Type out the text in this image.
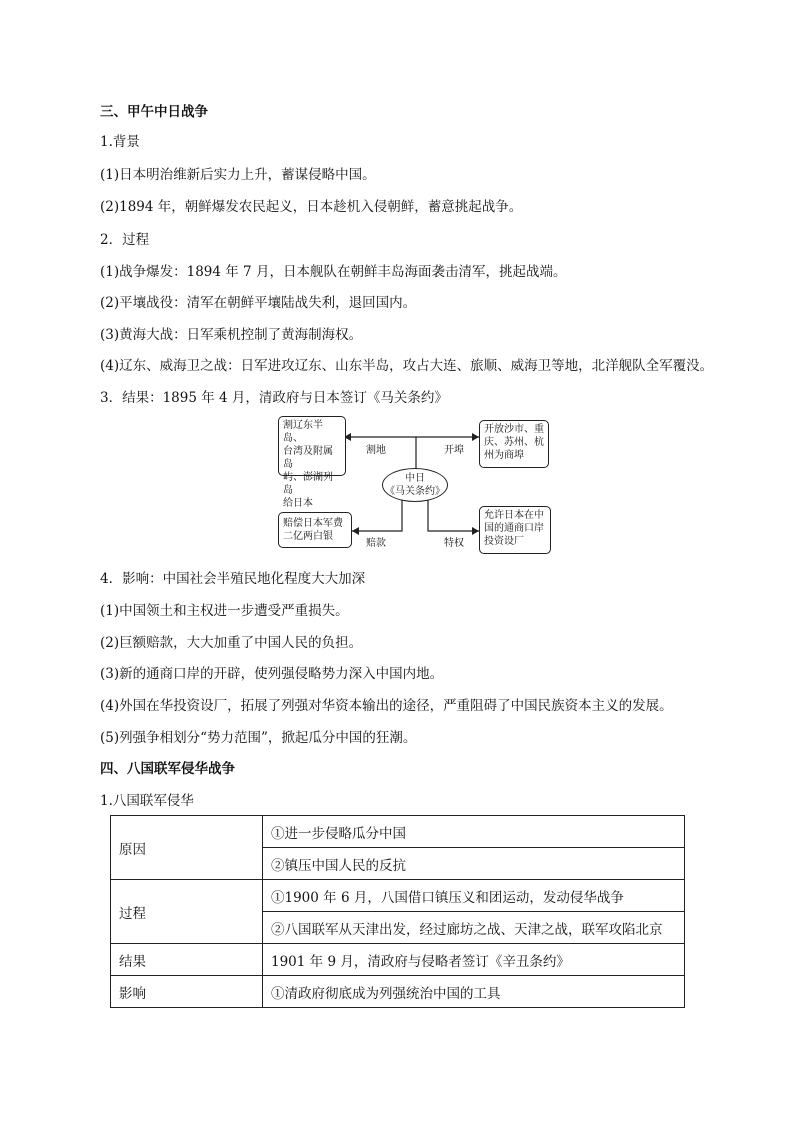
三、甲午中日战争
1.背景
(1)日本明治维新后实力上升，蓄谋侵略中国。
(2)1894 年，朝鲜爆发农民起义，日本趁机入侵朝鲜，蓄意挑起战争。
2．过程
(1)战争爆发：1894 年 7 月，日本舰队在朝鲜丰岛海面袭击清军，挑起战端。
(2)平壤战役：清军在朝鲜平壤陆战失利，退回国内。
(3)黄海大战：日军乘机控制了黄海制海权。
(4)辽东、威海卫之战：日军进攻辽东、山东半岛，攻占大连、旅顺、威海卫等地，北洋舰队全军覆没。
3．结果：1895 年 4 月，清政府与日本签订《马关条约》
割辽东半岛、
台湾及附属岛
屿、澎湖列岛
给日本
割地
开放沙市、重
庆、苏州、杭
州为商埠
开埠
中日
《马关条约》
赔偿日本军费
二亿两白银
赔款
允许日本在中
国的通商口岸
投资设厂
特权
4．影响：中国社会半殖民地化程度大大加深
(1)中国领土和主权进一步遭受严重损失。
(2)巨额赔款，大大加重了中国人民的负担。
(3)新的通商口岸的开辟，使列强侵略势力深入中国内地。
(4)外国在华投资设厂，拓展了列强对华资本输出的途径，严重阻碍了中国民族资本主义的发展。
(5)列强争相划分“势力范围”，掀起瓜分中国的狂潮。
四、八国联军侵华战争
1.八国联军侵华
原因	①进一步侵略瓜分中国
	②镇压中国人民的反抗
过程	①1900 年 6 月，八国借口镇压义和团运动，发动侵华战争
	②八国联军从天津出发，经过廊坊之战、天津之战，联军攻陷北京
结果	1901 年 9 月，清政府与侵略者签订《辛丑条约》
影响	①清政府彻底成为列强统治中国的工具
